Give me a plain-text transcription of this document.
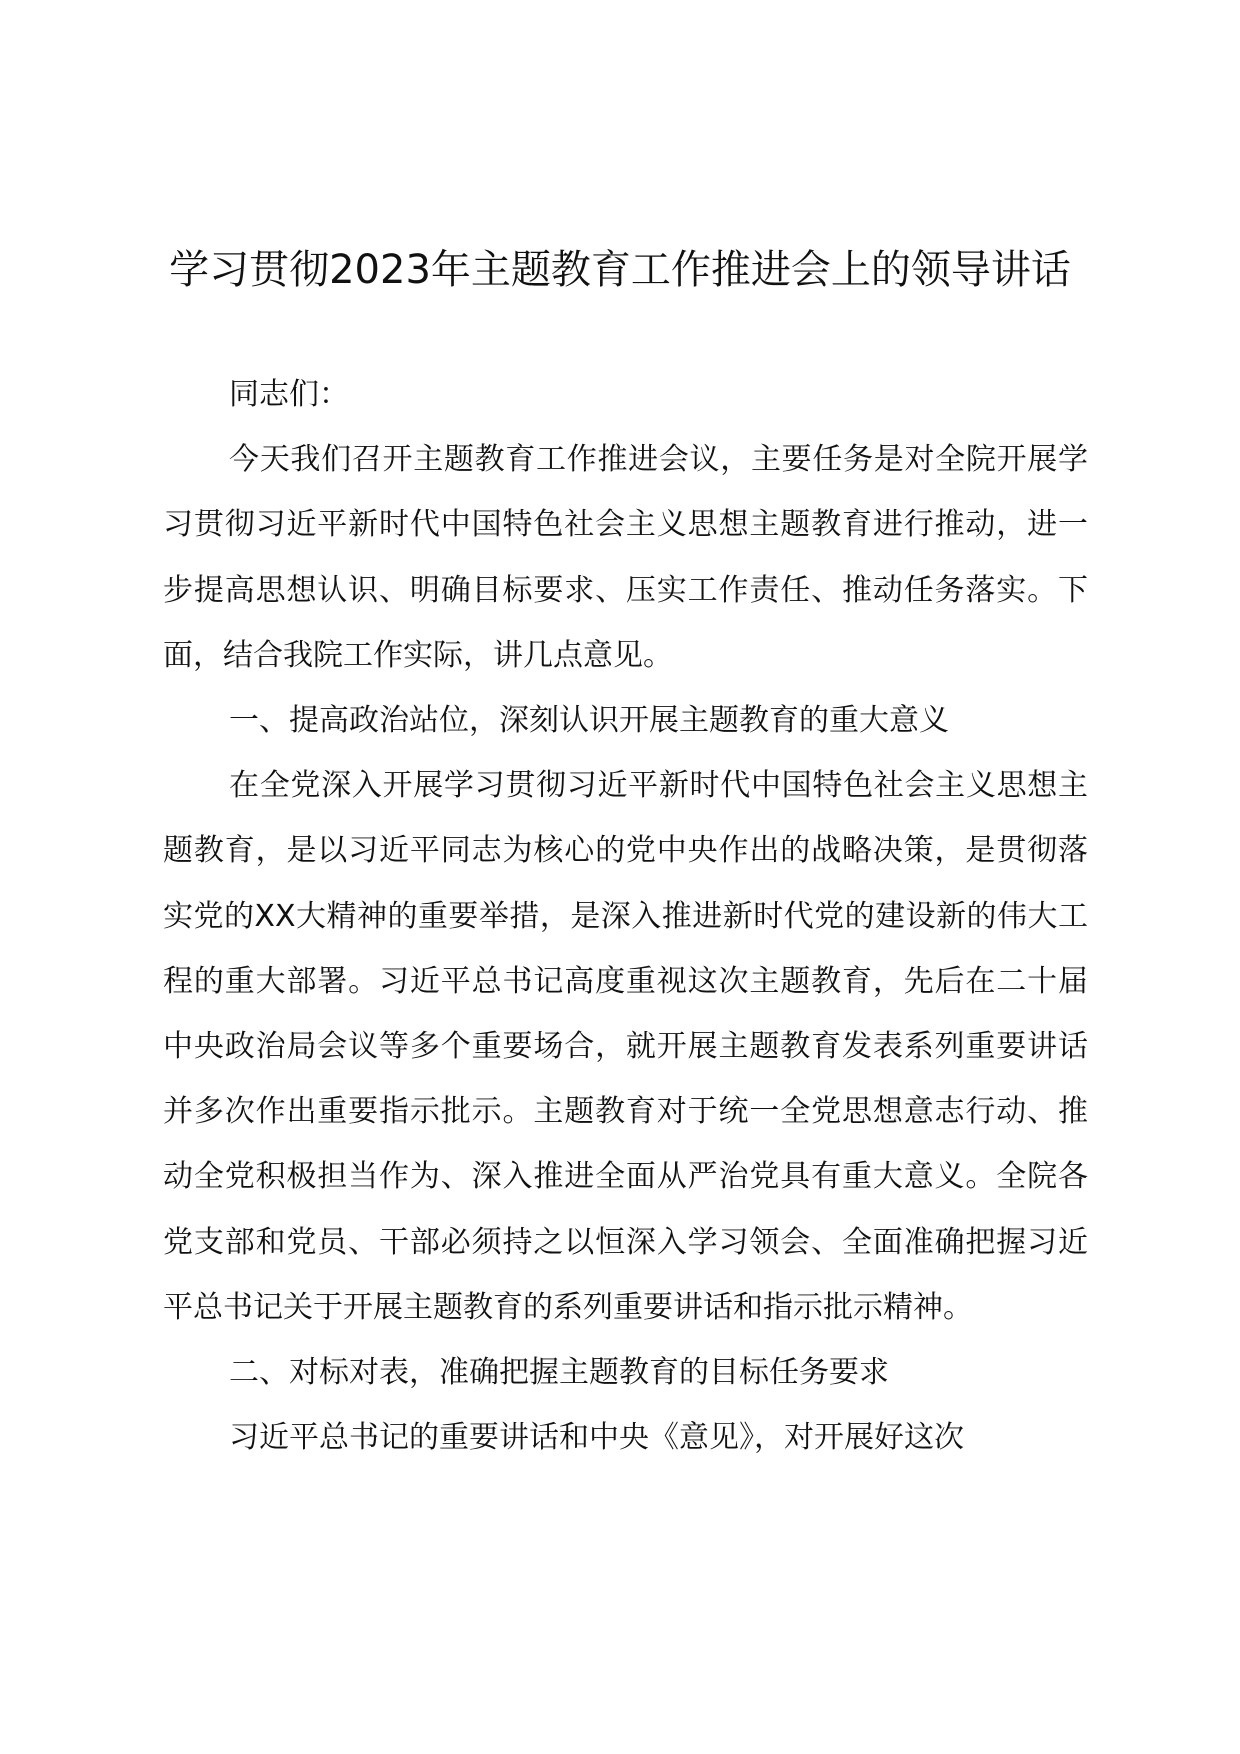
学习贯彻2023年主题教育工作推进会上的领导讲话

同志们：

今天我们召开主题教育工作推进会议，主要任务是对全院开展学习贯彻习近平新时代中国特色社会主义思想主题教育进行推动，进一步提高思想认识、明确目标要求、压实工作责任、推动任务落实。下面，结合我院工作实际，讲几点意见。

一、提高政治站位，深刻认识开展主题教育的重大意义

在全党深入开展学习贯彻习近平新时代中国特色社会主义思想主题教育，是以习近平同志为核心的党中央作出的战略决策，是贯彻落实党的XX大精神的重要举措，是深入推进新时代党的建设新的伟大工程的重大部署。习近平总书记高度重视这次主题教育，先后在二十届中央政治局会议等多个重要场合，就开展主题教育发表系列重要讲话并多次作出重要指示批示。主题教育对于统一全党思想意志行动、推动全党积极担当作为、深入推进全面从严治党具有重大意义。全院各党支部和党员、干部必须持之以恒深入学习领会、全面准确把握习近平总书记关于开展主题教育的系列重要讲话和指示批示精神。

二、对标对表，准确把握主题教育的目标任务要求

习近平总书记的重要讲话和中央《意见》，对开展好这次
